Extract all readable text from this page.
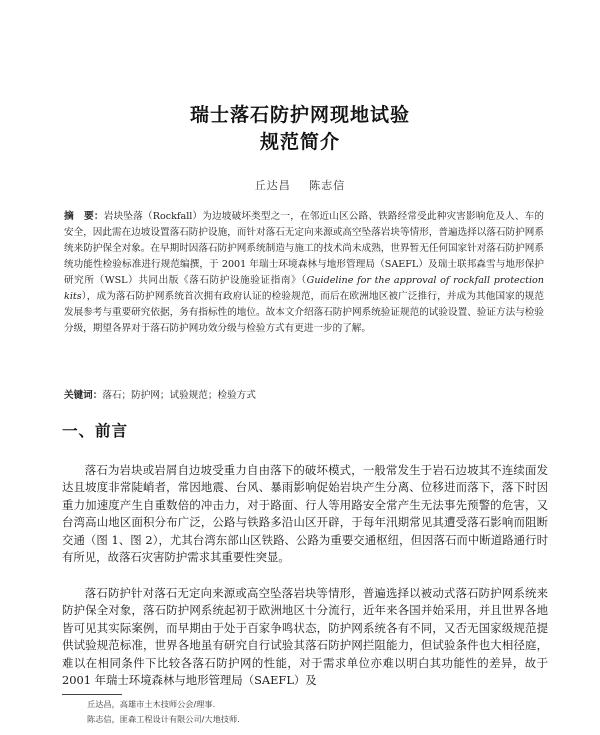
瑞士落石防护网现地试验
规范简介
丘达昌 陈志信
摘　要：岩块坠落（Rockfall）为边坡破坏类型之一，在邻近山区公路、铁路经常受此种灾害影响危及人、车的安全，因此需在边坡设置落石防护设施，而针对落石无定向来源或高空坠落岩块等情形，普遍选择以落石防护网系统来防护保全对象。在早期时因落石防护网系统制造与施工的技术尚未成熟，世界暂无任何国家针对落石防护网系统功能性检验标准进行规范编撰，于 2001 年瑞士环境森林与地形管理局（SAEFL）及瑞士联邦森雪与地形保护研究所（WSL）共同出版《落石防护设施验证指南》（Guideline for the approval of rockfall protection kits），成为落石防护网系统首次拥有政府认证的检验规范，而后在欧洲地区被广泛推行，并成为其他国家的规范发展参考与重要研究依据，务有指标性的地位。故本文介绍落石防护网系统验证规范的试验设置、验证方法与检验分级，期望各界对于落石防护网功效分级与检验方式有更进一步的了解。
关键词：落石；防护网；试验规范；检验方式
一、前言

落石为岩块或岩屑自边坡受重力自由落下的破坏模式，一般常发生于岩石边坡其不连续面发达且坡度非常陡峭者，常因地震、台风、暴雨影响促始岩块产生分离、位移进而落下，落下时因重力加速度产生自重数倍的冲击力，对于路面、行人等用路安全常产生无法事先预警的危害，又台湾高山地区面积分布广泛，公路与铁路多沿山区开辟，于每年汛期常见其遭受落石影响而阻断交通（图 1、图 2），尤其台湾东部山区铁路、公路为重要交通枢纽，但因落石而中断道路通行时有所见，故落石灾害防护需求其重要性突显。

落石防护针对落石无定向来源或高空坠落岩块等情形，普遍选择以被动式落石防护网系统来防护保全对象，落石防护网系统起初于欧洲地区十分流行，近年来各国并始采用，并且世界各地皆可见其实际案例，而早期由于处于百家争鸣状态，防护网系统各有不同，又否无国家级规范提供试验规范标准，世界各地虽有研究自行试验其落石防护网拦阻能力，但试验条件也大相径庭，难以在相同条件下比较各落石防护网的性能，对于需求单位亦难以明白其功能性的差异，故于 2001 年瑞士环境森林与地形管理局（SAEFL）及

丘达昌，高雄市土木技师公会/理事.
陈志信，匪森工程设计有限公司/大地技师.
